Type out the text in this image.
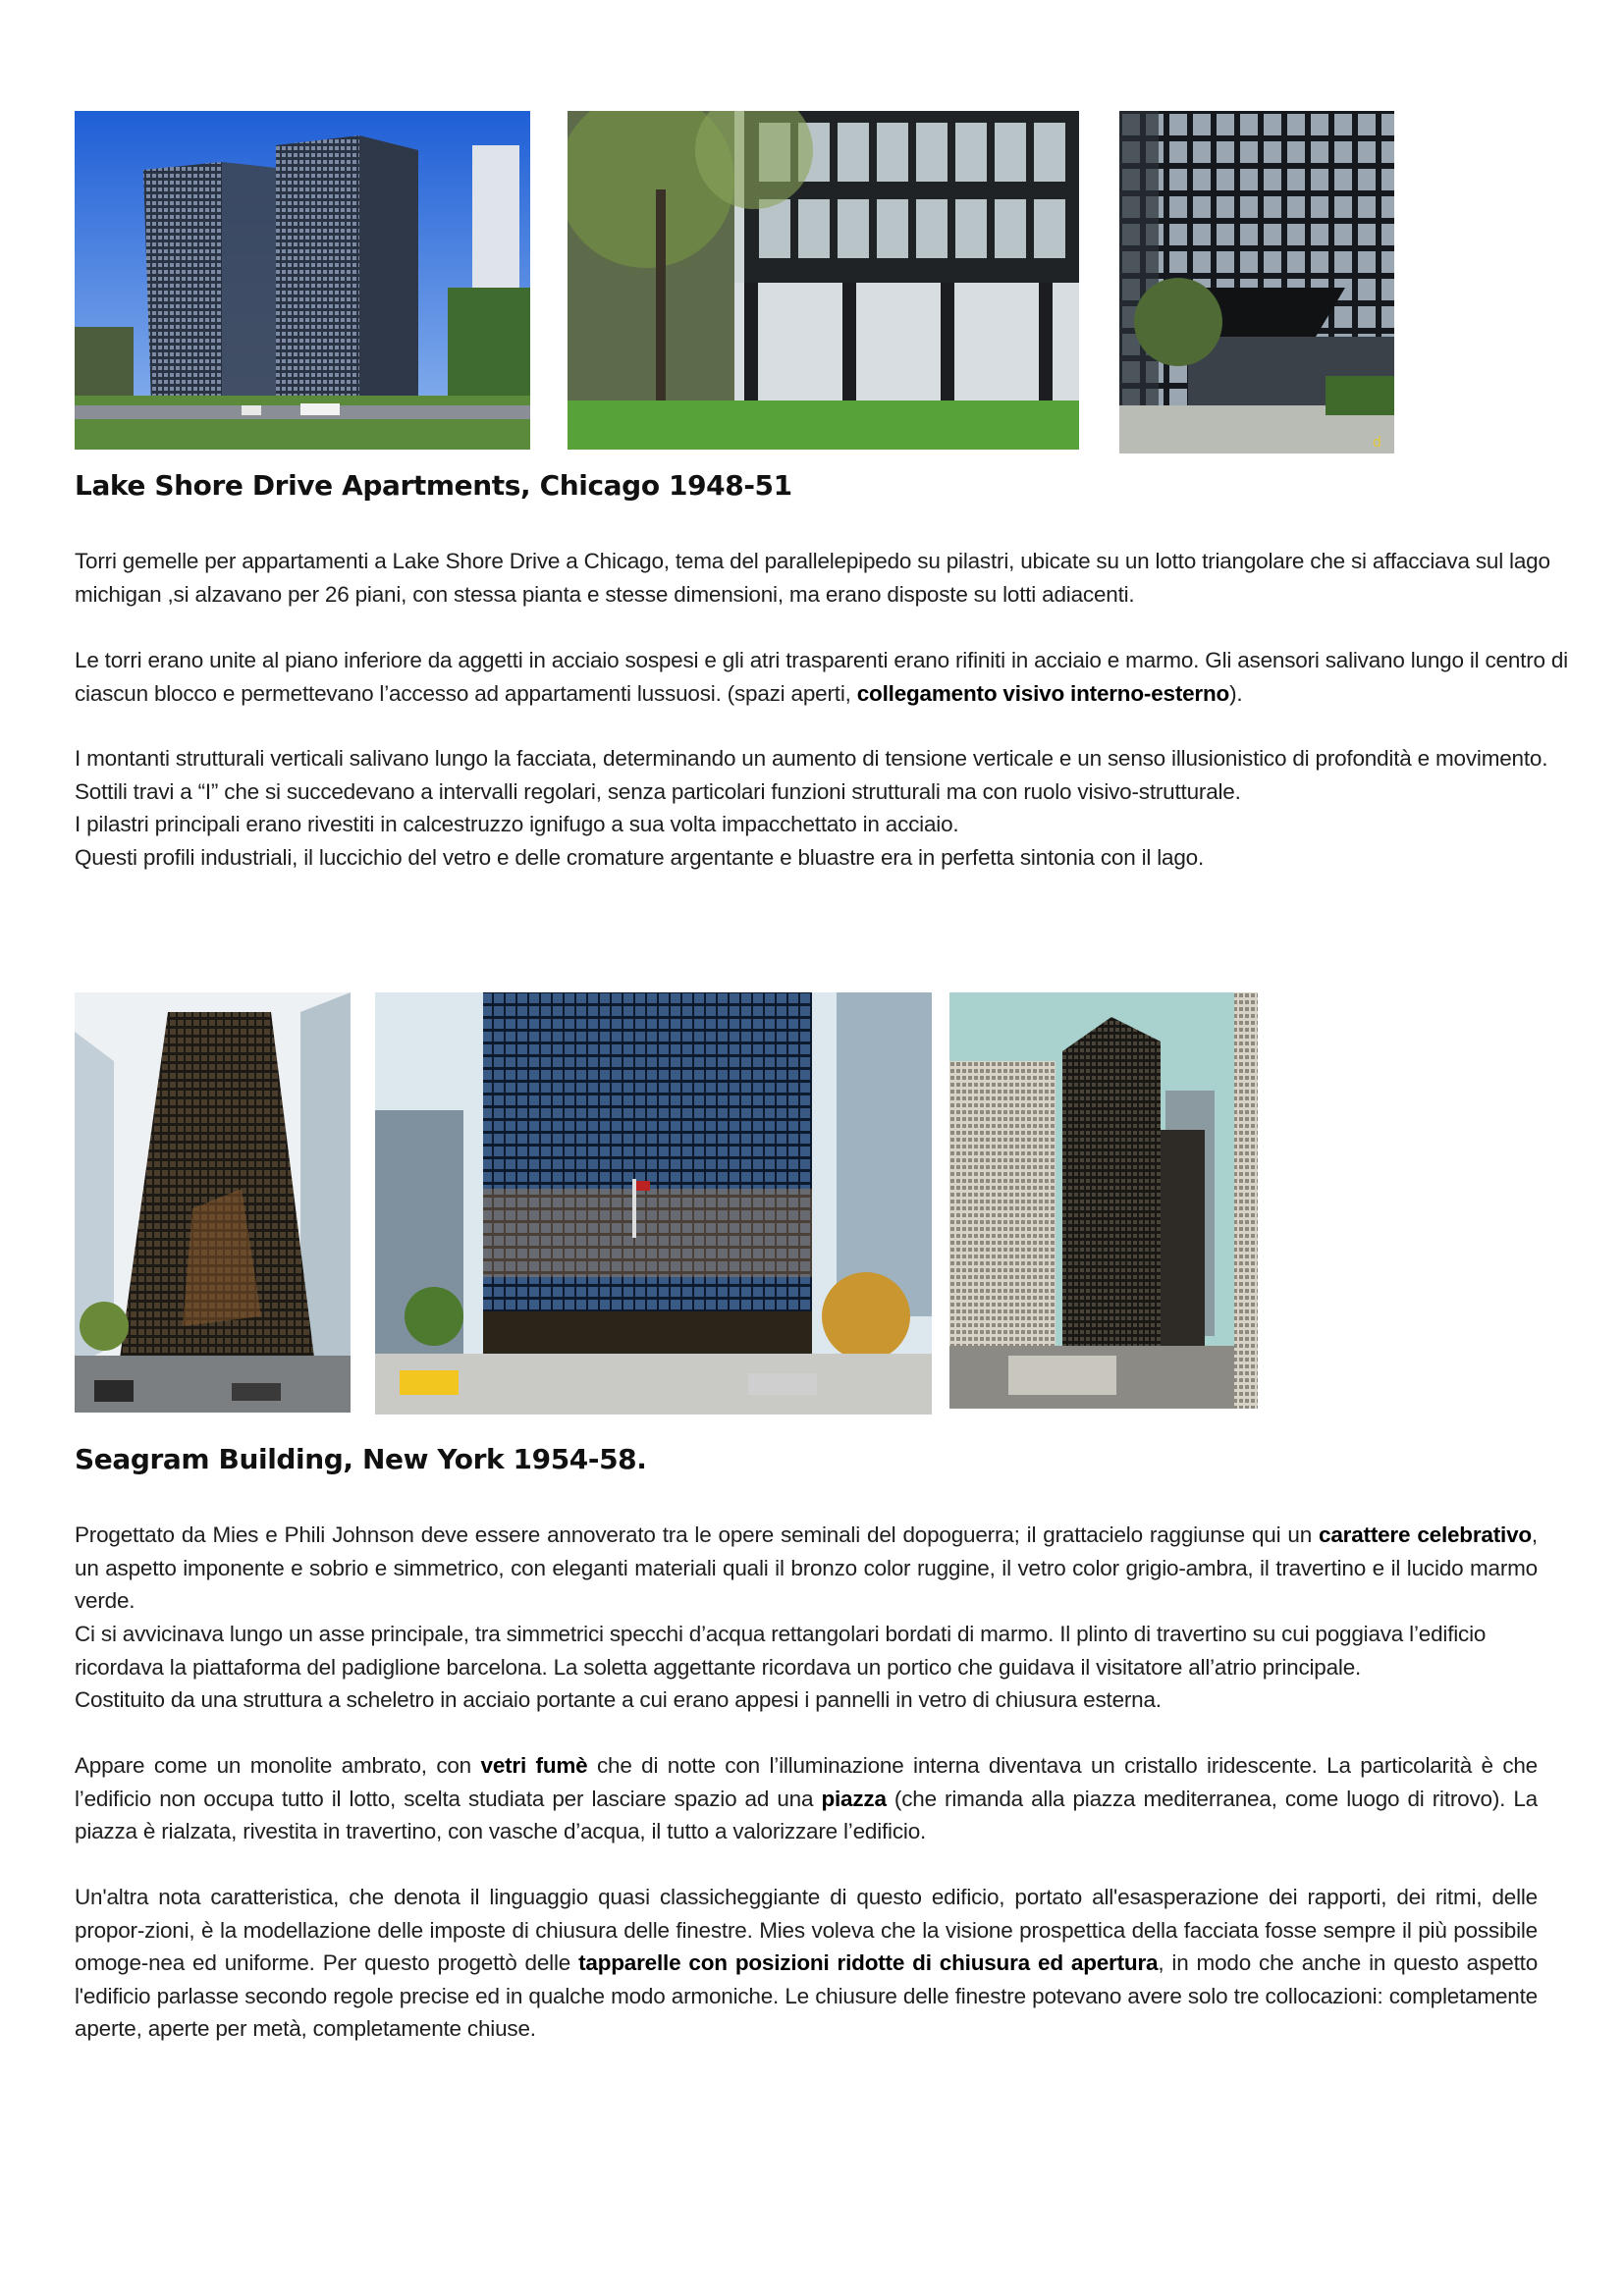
d
Lake Shore Drive Apartments, Chicago 1948-51

Torri gemelle per appartamenti a Lake Shore Drive a Chicago, tema del parallelepipedo su pilastri, ubicate su un lotto triangolare che si affacciava sul lago
michigan ,si alzavano per 26 piani, con stessa pianta e stesse dimensioni, ma erano disposte su lotti adiacenti.

Le torri erano unite al piano inferiore da aggetti in acciaio sospesi e gli atri trasparenti erano rifiniti in acciaio e marmo. Gli asensori salivano lungo il centro di
ciascun blocco e permettevano l’accesso ad appartamenti lussuosi. (spazi aperti, collegamento visivo interno-esterno).

I montanti strutturali verticali salivano lungo la facciata, determinando un aumento di tensione verticale e un senso illusionistico di profondità e movimento.
Sottili travi a “I” che si succedevano a intervalli regolari, senza particolari funzioni strutturali ma con ruolo visivo-strutturale.
I pilastri principali erano rivestiti in calcestruzzo ignifugo a sua volta impacchettato in acciaio.
Questi profili industriali, il luccichio del vetro e delle cromature argentante e bluastre era in perfetta sintonia con il lago.

Seagram Building, New York 1954-58.

Progettato da Mies e Phili Johnson deve essere annoverato tra le opere seminali del dopoguerra; il grattacielo raggiunse qui un carattere celebrativo, un aspetto imponente e sobrio e simmetrico, con eleganti materiali quali il bronzo color ruggine, il vetro color grigio-ambra, il travertino e il lucido marmo verde.

Ci si avvicinava lungo un asse principale, tra simmetrici specchi d’acqua rettangolari bordati di marmo. Il plinto di travertino su cui poggiava l’edificio
ricordava la piattaforma del padiglione barcelona. La soletta aggettante ricordava un portico che guidava il visitatore all’atrio principale.
Costituito da una struttura a scheletro in acciaio portante a cui erano appesi i pannelli in vetro di chiusura esterna.

Appare come un monolite ambrato, con vetri fumè che di notte con l’illuminazione interna diventava un cristallo iridescente. La particolarità è che l’edificio non occupa tutto il lotto, scelta studiata per lasciare spazio ad una piazza (che rimanda alla piazza mediterranea, come luogo di ritrovo). La piazza è rialzata, rivestita in travertino, con vasche d’acqua, il tutto a valorizzare l’edificio.

Un'altra nota caratteristica, che denota il linguaggio quasi classicheggiante di questo edificio, portato all'esasperazione dei rapporti, dei ritmi, delle propor-zioni, è la modellazione delle imposte di chiusura delle finestre. Mies voleva che la visione prospettica della facciata fosse sempre il più possibile omoge-nea ed uniforme. Per questo progettò delle tapparelle con posizioni ridotte di chiusura ed apertura, in modo che anche in questo aspetto l'edificio parlasse secondo regole precise ed in qualche modo armoniche. Le chiusure delle finestre potevano avere solo tre collocazioni: completamente aperte, aperte per metà, completamente chiuse.
